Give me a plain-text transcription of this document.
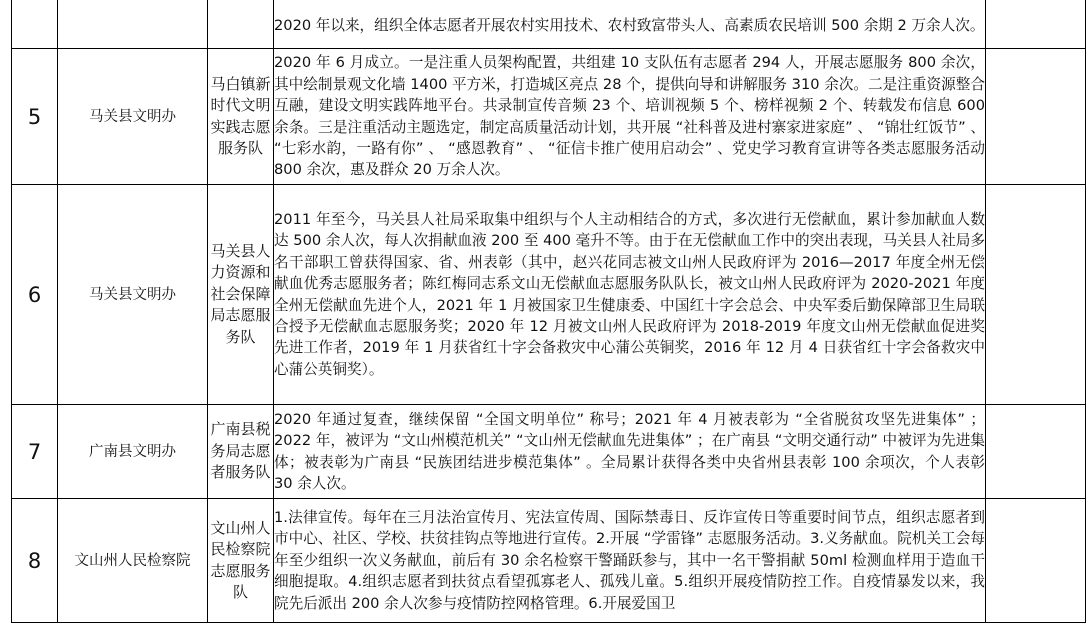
			2020 年以来，组织全体志愿者开展农村实用技术、农村致富带头人、高素质农民培训 500 余期 2 万余人次。	
5	马关县文明办	马白镇新时代文明实践志愿服务队	2020 年 6 月成立。一是注重人员架构配置，共组建 10 支队伍有志愿者 294 人，开展志愿服务 800 余次，其中绘制景观文化墙 1400 平方米，打造城区亮点 28 个，提供向导和讲解服务 310 余次。二是注重资源整合互融，建设文明实践阵地平台。共录制宣传音频 23 个、培训视频 5 个、榜样视频 2 个、转载发布信息 600 余条。三是注重活动主题选定，制定高质量活动计划，共开展 “社科普及进村寨家进家庭” 、 “锦壮红饭节” 、 “七彩水韵，一路有你” 、 “感恩教育” 、 “征信卡推广使用启动会” 、党史学习教育宣讲等各类志愿服务活动 800 余次，惠及群众 20 万余人次。	
6	马关县文明办	马关县人力资源和社会保障局志愿服务队	2011 年至今，马关县人社局采取集中组织与个人主动相结合的方式，多次进行无偿献血，累计参加献血人数达 500 余人次，每人次捐献血液 200 至 400 毫升不等。由于在无偿献血工作中的突出表现，马关县人社局多名干部职工曾获得国家、省、州表彰（其中，赵兴花同志被文山州人民政府评为 2016—2017 年度全州无偿献血优秀志愿服务者；陈红梅同志系文山无偿献血志愿服务队队长，被文山州人民政府评为 2020-2021 年度全州无偿献血先进个人，2021 年 1 月被国家卫生健康委、中国红十字会总会、中央军委后勤保障部卫生局联合授予无偿献血志愿服务奖；2020 年 12 月被文山州人民政府评为 2018-2019 年度文山州无偿献血促进奖先进工作者，2019 年 1 月获省红十字会备救灾中心蒲公英铜奖，2016 年 12 月 4 日获省红十字会备救灾中心蒲公英铜奖）。	
7	广南县文明办	广南县税务局志愿者服务队	2020 年通过复查，继续保留 “全国文明单位” 称号；2021 年 4 月被表彰为 “全省脱贫攻坚先进集体” ；2022 年，被评为 “文山州模范机关” “文山州无偿献血先进集体” ；在广南县 “文明交通行动” 中被评为先进集体；被表彰为广南县 “民族团结进步模范集体” 。全局累计获得各类中央省州县表彰 100 余项次，个人表彰 30 余人次。	
8	文山州人民检察院	文山州人民检察院志愿服务队	1.法律宣传。每年在三月法治宣传月、宪法宣传周、国际禁毒日、反诈宣传日等重要时间节点，组织志愿者到市中心、社区、学校、扶贫挂钩点等地进行宣传。2.开展 “学雷锋” 志愿服务活动。3.义务献血。院机关工会每年至少组织一次义务献血，前后有 30 余名检察干警踊跃参与，其中一名干警捐献 50ml 检测血样用于造血干细胞提取。4.组织志愿者到扶贫点看望孤寡老人、孤残儿童。5.组织开展疫情防控工作。自疫情暴发以来，我院先后派出 200 余人次参与疫情防控网格管理。6.开展爱国卫	
